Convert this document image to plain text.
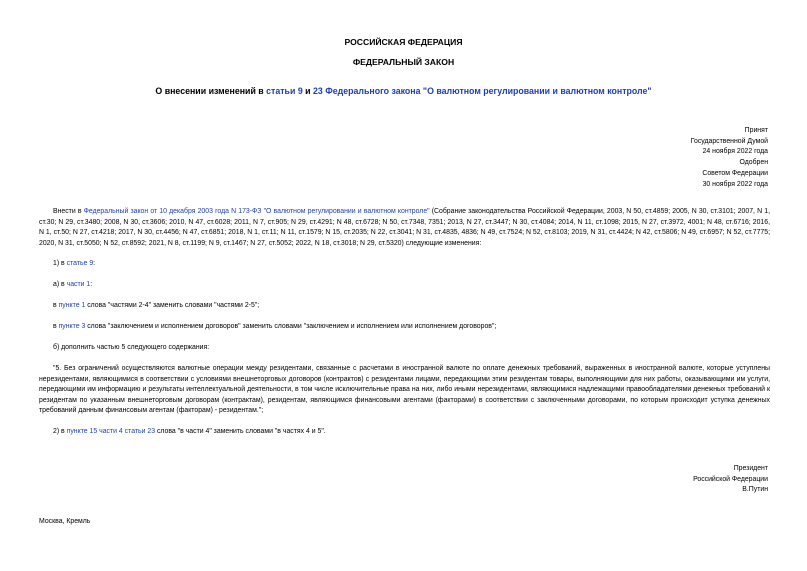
РОССИЙСКАЯ ФЕДЕРАЦИЯ
ФЕДЕРАЛЬНЫЙ ЗАКОН
О внесении изменений в статьи 9 и 23 Федерального закона "О валютном регулировании и валютном контроле"
Принят
Государственной Думой
24 ноября 2022 года
Одобрен
Советом Федерации
30 ноября 2022 года
Внести в Федеральный закон от 10 декабря 2003 года N 173-ФЗ "О валютном регулировании и валютном контроле" (Собрание законодательства Российской Федерации, 2003, N 50, ст.4859; 2005, N 30, ст.3101; 2007, N 1, ст.30; N 29, ст.3480; 2008, N 30, ст.3606; 2010, N 47, ст.6028; 2011, N 7, ст.905; N 29, ст.4291; N 48, ст.6728; N 50, ст.7348, 7351; 2013, N 27, ст.3447; N 30, ст.4084; 2014, N 11, ст.1098; 2015, N 27, ст.3972, 4001; N 48, ст.6716; 2016, N 1, ст.50; N 27, ст.4218; 2017, N 30, ст.4456; N 47, ст.6851; 2018, N 1, ст.11; N 11, ст.1579; N 15, ст.2035; N 22, ст.3041; N 31, ст.4835, 4836; N 49, ст.7524; N 52, ст.8103; 2019, N 31, ст.4424; N 42, ст.5806; N 49, ст.6957; N 52, ст.7775; 2020, N 31, ст.5050; N 52, ст.8592; 2021, N 8, ст.1199; N 9, ст.1467; N 27, ст.5052; 2022, N 18, ст.3018; N 29, ст.5320) следующие изменения:
1) в статье 9:
а) в части 1:
в пункте 1 слова "частями 2-4" заменить словами "частями 2-5";
в пункте 3 слова "заключением и исполнением договоров" заменить словами "заключением и исполнением или исполнением договоров";
б) дополнить частью 5 следующего содержания:
"5. Без ограничений осуществляются валютные операции между резидентами, связанные с расчетами в иностранной валюте по оплате денежных требований, выраженных в иностранной валюте, которые уступлены нерезидентами, являющимися в соответствии с условиями внешнеторговых договоров (контрактов) с резидентами лицами, передающими этим резидентам товары, выполняющими для них работы, оказывающими им услуги, передающими им информацию и результаты интеллектуальной деятельности, в том числе исключительные права на них, либо иными нерезидентами, являющимися надлежащими правообладателями денежных требований к резидентам по указанным внешнеторговым договорам (контрактам), резидентам, являющимся финансовыми агентами (факторами) в соответствии с заключенными договорами, по которым происходит уступка денежных требований данным финансовым агентам (факторам) - резидентам.";
2) в пункте 15 части 4 статьи 23 слова "в части 4" заменить словами "в частях 4 и 5".
Президент
Российской Федерации
В.Путин
Москва, Кремль
